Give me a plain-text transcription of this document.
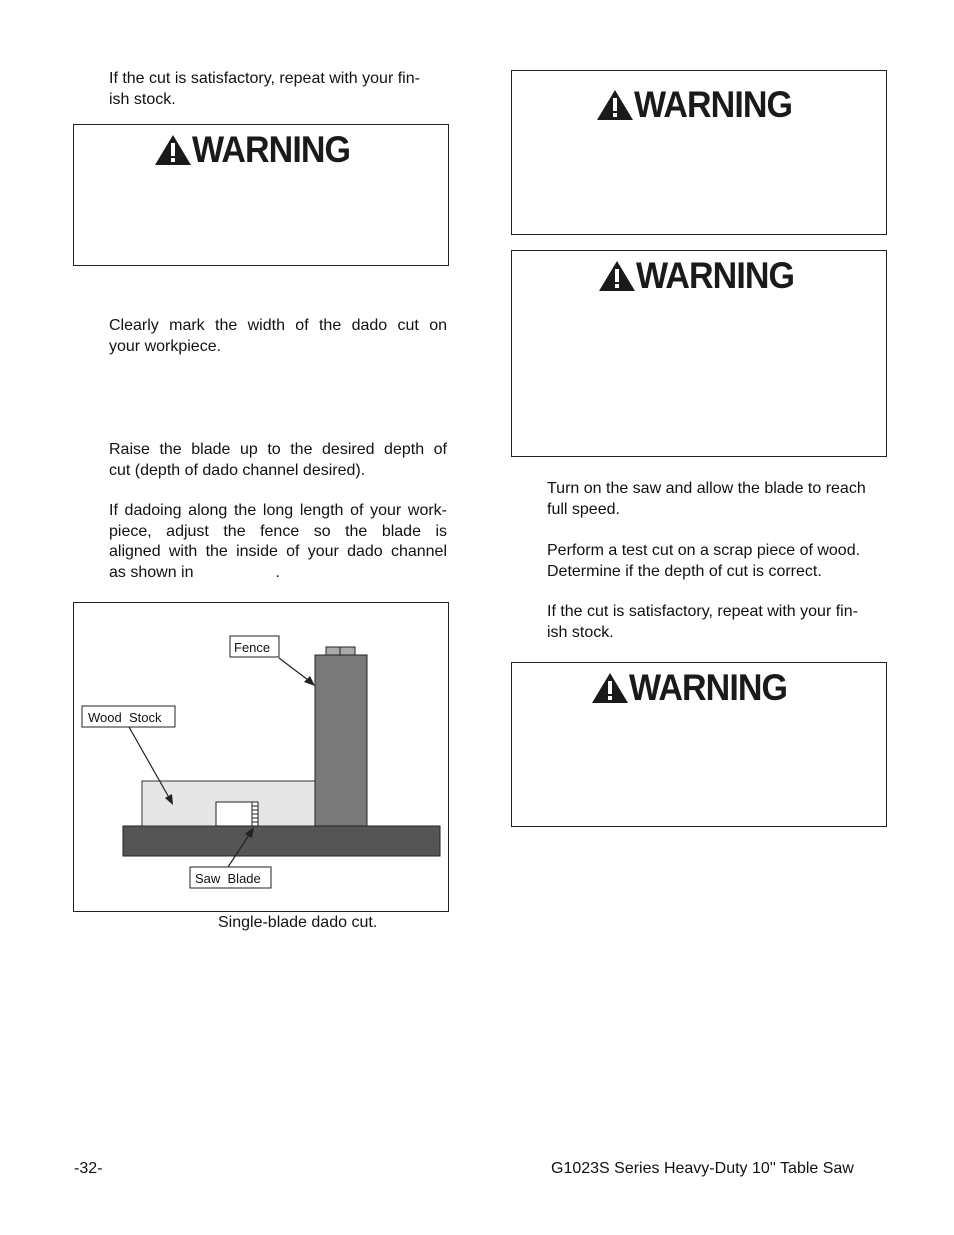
If the cut is satisfactory, repeat with your fin-
ish stock.
WARNING
Clearly mark the width of the dado cut on
your workpiece.
Raise the blade up to the desired depth of
cut (depth of dado channel desired).
If dadoing along the long length of your work-
piece, adjust the fence so the blade is
aligned with the inside of your dado channel
as shown in	.
Fence
Wood  Stock
Saw  Blade
Single-blade dado cut.
WARNING
WARNING
Turn on the saw and allow the blade to reach
full speed.
Perform a test cut on a scrap piece of wood.
Determine if the depth of cut is correct.
If the cut is satisfactory, repeat with your fin-
ish stock.
WARNING
-32-	G1023S Series Heavy-Duty 10'' Table Saw
